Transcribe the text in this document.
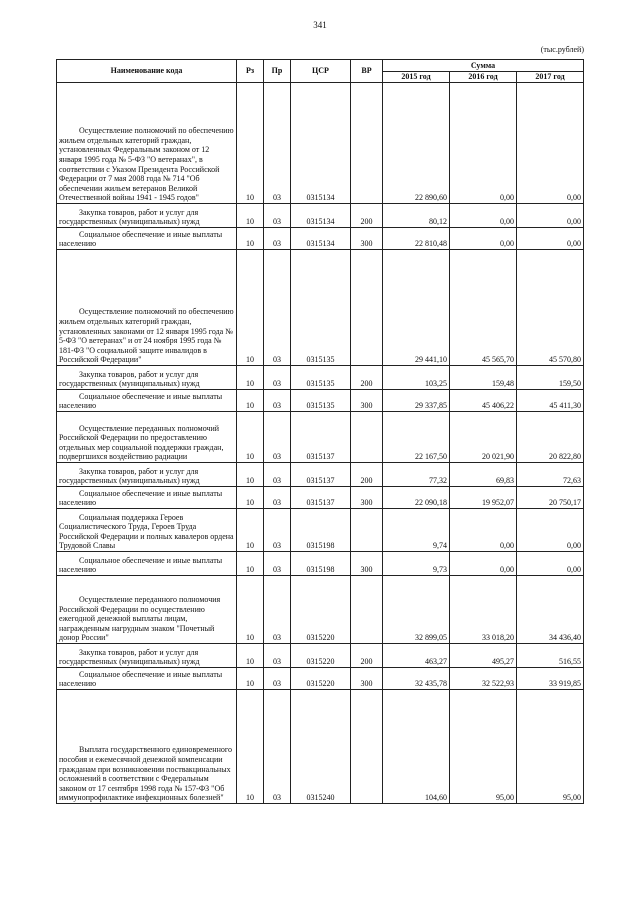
341
(тыс.рублей)
Наименование кода	Рз	Пр	ЦСР	ВР	Сумма		
					2015 год	2016 год	2017 год

Осуществление полномочий по обеспечению жильем отдельных категорий граждан, установленных Федеральным законом от 12 января 1995 года № 5-ФЗ "О ветеранах", в соответствии с Указом Президента Российской Федерации от 7 мая 2008 года № 714 "Об обеспечении жильем ветеранов Великой Отечественной войны 1941 - 1945 годов"	10	03	0315134		22 890,60	0,00	0,00

Закупка товаров, работ и услуг для государственных (муниципальных) нужд	10	03	0315134	200	80,12	0,00	0,00

Социальное обеспечение и иные выплаты населению	10	03	0315134	300	22 810,48	0,00	0,00

Осуществление полномочий по обеспечению жильем отдельных категорий граждан, установленных законами от 12 января 1995 года № 5-ФЗ "О ветеранах" и от 24 ноября 1995 года № 181-ФЗ "О социальной защите инвалидов в Российской Федерации"	10	03	0315135		29 441,10	45 565,70	45 570,80

Закупка товаров, работ и услуг для государственных (муниципальных) нужд	10	03	0315135	200	103,25	159,48	159,50

Социальное обеспечение и иные выплаты населению	10	03	0315135	300	29 337,85	45 406,22	45 411,30

Осуществление переданных полномочий Российской Федерации по предоставлению отдельных мер социальной поддержки граждан, подвергшихся воздействию радиации	10	03	0315137		22 167,50	20 021,90	20 822,80

Закупка товаров, работ и услуг для государственных (муниципальных) нужд	10	03	0315137	200	77,32	69,83	72,63

Социальное обеспечение и иные выплаты населению	10	03	0315137	300	22 090,18	19 952,07	20 750,17

Социальная поддержка Героев Социалистического Труда, Героев Труда Российской Федерации и полных кавалеров ордена Трудовой Славы	10	03	0315198		9,74	0,00	0,00

Социальное обеспечение и иные выплаты населению	10	03	0315198	300	9,73	0,00	0,00

Осуществление переданного полномочия Российской Федерации по осуществлению ежегодной денежной выплаты лицам, награжденным нагрудным знаком "Почетный донор России"	10	03	0315220		32 899,05	33 018,20	34 436,40

Закупка товаров, работ и услуг для государственных (муниципальных) нужд	10	03	0315220	200	463,27	495,27	516,55

Социальное обеспечение и иные выплаты населению	10	03	0315220	300	32 435,78	32 522,93	33 919,85

Выплата государственного единовременного пособия и ежемесячной денежной компенсации гражданам при возникновении поствакцинальных осложнений в соответствии с Федеральным законом от 17 сентября 1998 года № 157-ФЗ "Об иммунопрофилактике инфекционных болезней"	10	03	0315240		104,60	95,00	95,00
